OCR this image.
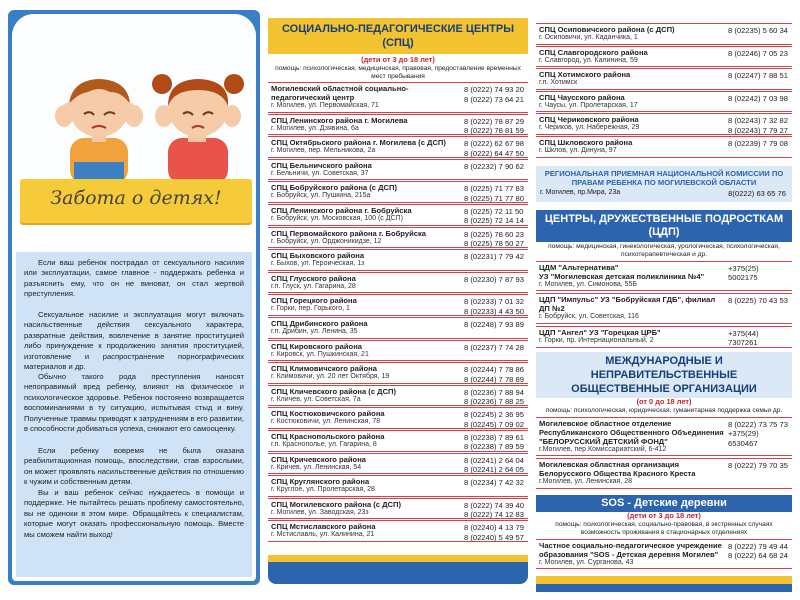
Забота о детях!
Если ваш ребенок пострадал от сексуального насилия или эксплуатации, самое главное - поддержать ребенка и разъяснить ему, что он не виноват, он стал жертвой преступления.
Сексуальное насилие и эксплуатация могут включать насильственные действия сексуального характера, развратные действия, вовлечение в занятие проституцией либо принуждение к продолжению занятия проституцией, изготовление и распространение порнографических материалов и др.
Обычно такого рода преступления наносят непоправимый вред ребенку, влияют на физическое и психологическое здоровье. Ребенок постоянно возвращается воспоминаниями в ту ситуацию, испытывая стыд и вину. Полученные травмы приводят к затруднениям в его развитии, в способности добиваться успеха, снижают его самооценку.
Если ребенку вовремя не была оказана реабилитационная помощь, впоследствии, став взрослыми, он может проявлять насильственные действия по отношению к чужим и собственным детям.
Вы и ваш ребенок сейчас нуждаетесь в помощи и поддержке. Не пытайтесь решать проблему самостоятельно, вы не одиноки в этом мире. Обращайтесь к специалистам, которые могут оказать профессиональную помощь. Вместе мы сможем найти выход!
СОЦИАЛЬНО-ПЕДАГОГИЧЕСКИЕ ЦЕНТРЫ (СПЦ)
(дети от 3 до 18 лет)
помощь: психологическая, медицинская, правовая, предоставление временных мест пребывания
Могилевский областной социально-педагогический центр
г. Могилев, ул. Первомайская, 71
8 (0222) 74 93 20
8 (0222) 73 64 21
СПЦ Ленинского района г. Могилева
г. Могилев, ул. Дзявина, 6а
8 (0222) 78 87 29
8 (0222) 78 81 59
СПЦ Октябрьского района г. Могилева (с ДСП)
г. Могилев, пер. Мельникова, 2а
8 (0222) 62 67 98
8 (0222) 64 47 50
СПЦ Бельничского района
г. Бельничи, ул. Советская, 37
8 (02232) 7 90 62
СПЦ Бобруйского района (с ДСП)
г. Бобруйск, ул. Пушкина, 215а
8 (0225) 71 77 83
8 (0225) 71 77 80
СПЦ Ленинского района г. Бобруйска
г. Бобруйск, ул. Московская, 100 (с ДСП)
8 (0225) 72 11 50
8 (0225) 72 14 14
СПЦ Первомайского района г. Бобруйска
г. Бобруйск, ул. Орджоникидзе, 12
8 (0225) 78 60 23
8 (0225) 78 50 27
СПЦ Быховского района
г. Быхов, ул. Героическая, 1з
8 (02231) 7 79 42
СПЦ Глусского района
г.п. Глуск, ул. Гагарина, 28
8 (02230) 7 87 93
СПЦ Горецкого района
г. Горки, пер. Горького, 1
8 (02233) 7 01 32
8 (02233) 4 43 50
СПЦ Дрибинского района
г.п. Дрибин, ул. Ленина, 35
8 (02248) 7 93 89
СПЦ Кировского района
г. Кировск, ул. Пушкинская, 21
8 (02237) 7 74 28
СПЦ Климовичского района
г. Климовичи, ул. 20 лет Октября, 19
8 (02244) 7 78 86
8 (02244) 7 78 89
СПЦ Кличевского района (с ДСП)
г. Кличев, ул. Советская, 7а
8 (02236) 7 88 94
8 (02236) 7 88 25
СПЦ Костюковичского района
г. Костюковичи, ул. Ленинская, 78
8 (02245) 2 36 95
8 (02245) 7 09 02
СПЦ Краснопольского района
г.п. Краснополье, ул. Гагарина, 8
8 (02238) 7 89 61
8 (02238) 7 89 59
СПЦ Кричевского района
г. Кричев, ул. Ленинская, 54
8 (02241) 2 64 04
8 (02241) 2 64 05
СПЦ Круглянского района
г. Круглое, ул. Пролетарская, 28
8 (02234) 7 42 32
СПЦ Могилевского района (с ДСП)
г. Могилев, ул. Заводская, 23з
8 (0222) 74 39 40
8 (0222) 74 12 83
СПЦ Мстиславского района
г. Мстиславль, ул. Калинина, 21
8 (02240) 4 13 79
8 (02240) 5 49 57
СПЦ Осиповичского района (с ДСП)
г. Осиповичи, ул. Каданчика, 1
8 (02235) 5 60 34
СПЦ Славгородского района
г. Славгород, ул. Калинина, 59
8 (02246) 7 05 23
СПЦ Хотимского района
г.п. Хотимск
8 (02247) 7 88 51
СПЦ Чаусского района
г. Чаусы, ул. Пролетарская, 17
8 (02242) 7 03 98
СПЦ Чериковского района
г. Чериков, ул. Набережная, 29
8 (02243) 7 32 82
8 (02243) 7 79 27
СПЦ Шкловского района
г. Шклов, ул. Динуна, 97
8 (02239) 7 79 08
РЕГИОНАЛЬНАЯ ПРИЕМНАЯ НАЦИОНАЛЬНОЙ КОМИССИИ ПО ПРАВАМ РЕБЕНКА ПО МОГИЛЕВСКОЙ ОБЛАСТИ
г. Могилев, пр.Мира, 23а	8(0222) 63 65 76
ЦЕНТРЫ, ДРУЖЕСТВЕННЫЕ ПОДРОСТКАМ (ЦДП)
помощь: медицинская, гинекологическая, урологическая, психологическая, психотерапевтическая и др.
ЦДМ "Альтернатива"
УЗ "Могилевская детская поликлиника №4"
г. Могилев, ул. Симонова, 55Б
+375(25) 5002175
ЦДП "Импульс" УЗ "Бобруйская ГДБ", филиал ДП №2
г. Бобруйск, ул. Советская, 116
8 (0225) 70 43 53
ЦДП "Ангел" УЗ "Горецкая ЦРБ"
г. Горки, пр. Интернациональный, 2
+375(44) 7307261
МЕЖДУНАРОДНЫЕ И НЕПРАВИТЕЛЬСТВЕННЫЕ ОБЩЕСТВЕННЫЕ ОРГАНИЗАЦИИ
(от 0 до 18 лет)
помощь: психологическая, юридическая, гуманитарная поддержка семьи др.
Могилевское областное отделение Республиканского Общественного Объединения "БЕЛОРУССКИЙ ДЕТСКИЙ ФОНД"
г.Могилев, пер.Комиссариатский, 6-412
8 (0222) 73 75 73
+375(29) 6530467
Могилевская областная организация Белорусского Общества Красного Креста
г.Могилев, ул. Ленинская, 28
8 (0222) 79 70 35
SOS - Детские деревни
(дети от 3 до 18 лет)
помощь: психологическая, социально-правовая, в экстренных случаях возможность проживания в стационарных отделениях
Частное социально-педагогическое учреждение образования "SOS - Детская деревня Могилев"
г. Могилев, ул. Сурганова, 43
8 (0222) 79 49 44
8 (0222) 64 68 24
